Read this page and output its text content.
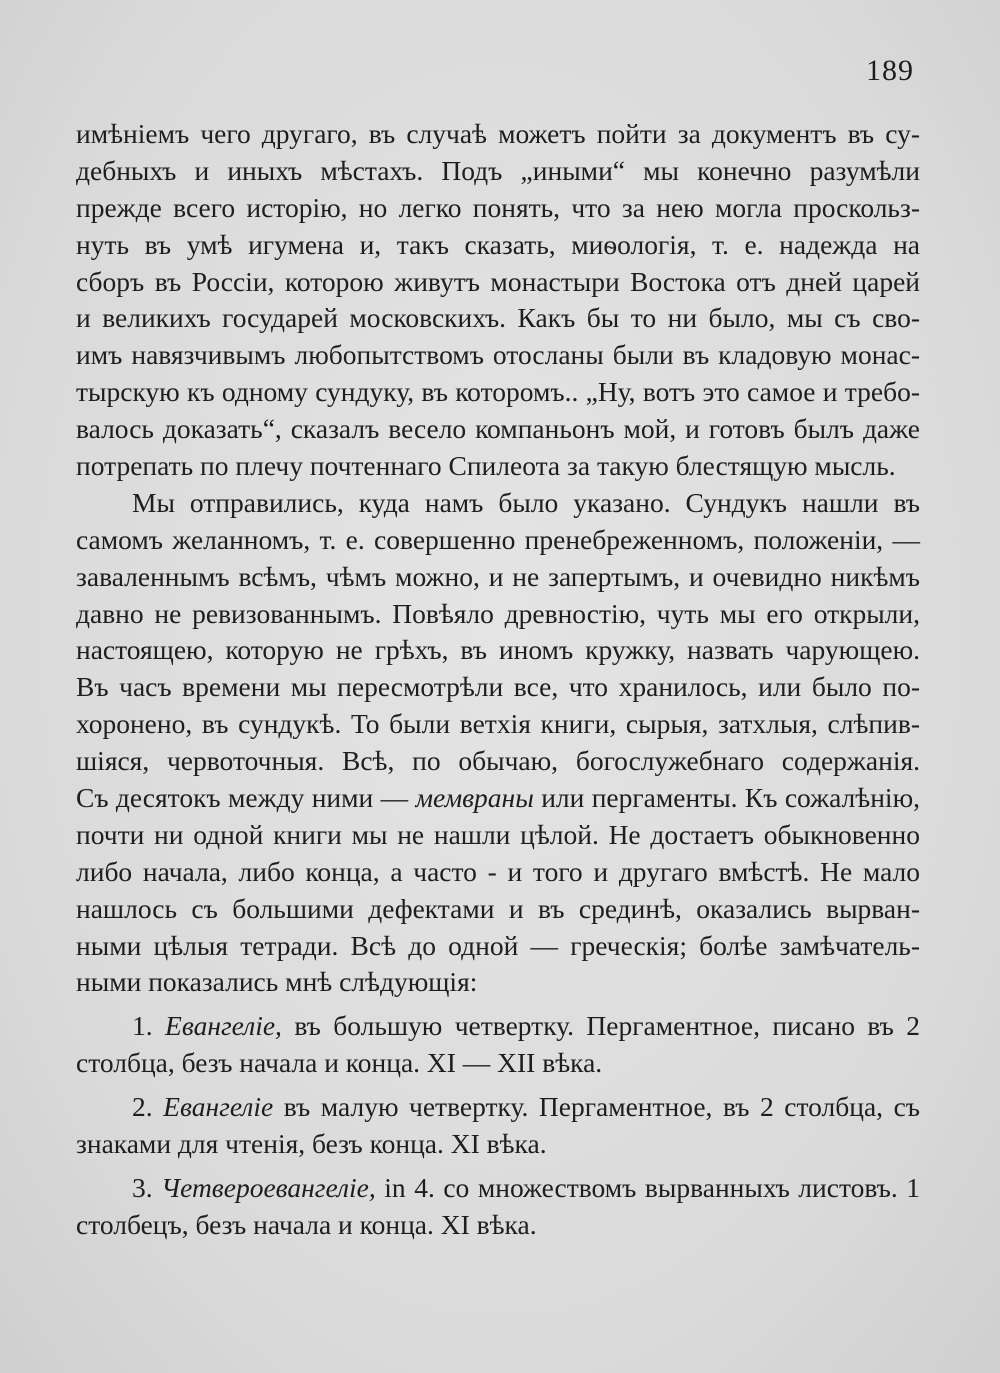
189
имѣніемъ чего другаго, въ случаѣ можетъ пойти за документъ въ су-
дебныхъ и иныхъ мѣстахъ. Подъ „иными“ мы конечно разумѣли
прежде всего исторію, но легко понять, что за нею могла проскольз-
нуть въ умѣ игумена и, такъ сказать, миѳологія, т. е. надежда на
сборъ въ Россіи, которою живутъ монастыри Востока отъ дней царей
и великихъ государей московскихъ. Какъ бы то ни было, мы съ сво-
имъ навязчивымъ любопытствомъ отосланы были въ кладовую монас-
тырскую къ одному сундуку, въ которомъ.. „Ну, вотъ это самое и требо-
валось доказать“, сказалъ весело компаньонъ мой, и готовъ былъ даже
потрепать по плечу почтеннаго Спилеота за такую блестящую мысль.
Мы отправились, куда намъ было указано. Сундукъ нашли въ
самомъ желанномъ, т. е. совершенно пренебреженномъ, положеніи, —
заваленнымъ всѣмъ, чѣмъ можно, и не запертымъ, и очевидно никѣмъ
давно не ревизованнымъ. Повѣяло древностію, чуть мы его открыли,
настоящею, которую не грѣхъ, въ иномъ кружку, назвать чарующею.
Въ часъ времени мы пересмотрѣли все, что хранилось, или было по-
хоронено, въ сундукѣ. То были ветхія книги, сырыя, затхлыя, слѣпив-
шіяся, червоточныя. Всѣ, по обычаю, богослужебнаго содержанія.
Съ десятокъ между ними — мемвраны или пергаменты. Къ сожалѣнію,
почти ни одной книги мы не нашли цѣлой. Не достаетъ обыкновенно
либо начала, либо конца, а часто - и того и другаго вмѣстѣ. Не мало
нашлось съ большими дефектами и въ срединѣ, оказались вырван-
ными цѣлыя тетради. Всѣ до одной — греческія; болѣе замѣчатель-
ными показались мнѣ слѣдующія:
1. Евангеліе, въ большую четвертку. Пергаментное, писано въ 2
столбца, безъ начала и конца. XI — XII вѣка.
2. Евангеліе въ малую четвертку. Пергаментное, въ 2 столбца, съ
знаками для чтенія, безъ конца. XI вѣка.
3. Четвероевангеліе, in 4. со множествомъ вырванныхъ листовъ. 1
столбецъ, безъ начала и конца. XI вѣка.
